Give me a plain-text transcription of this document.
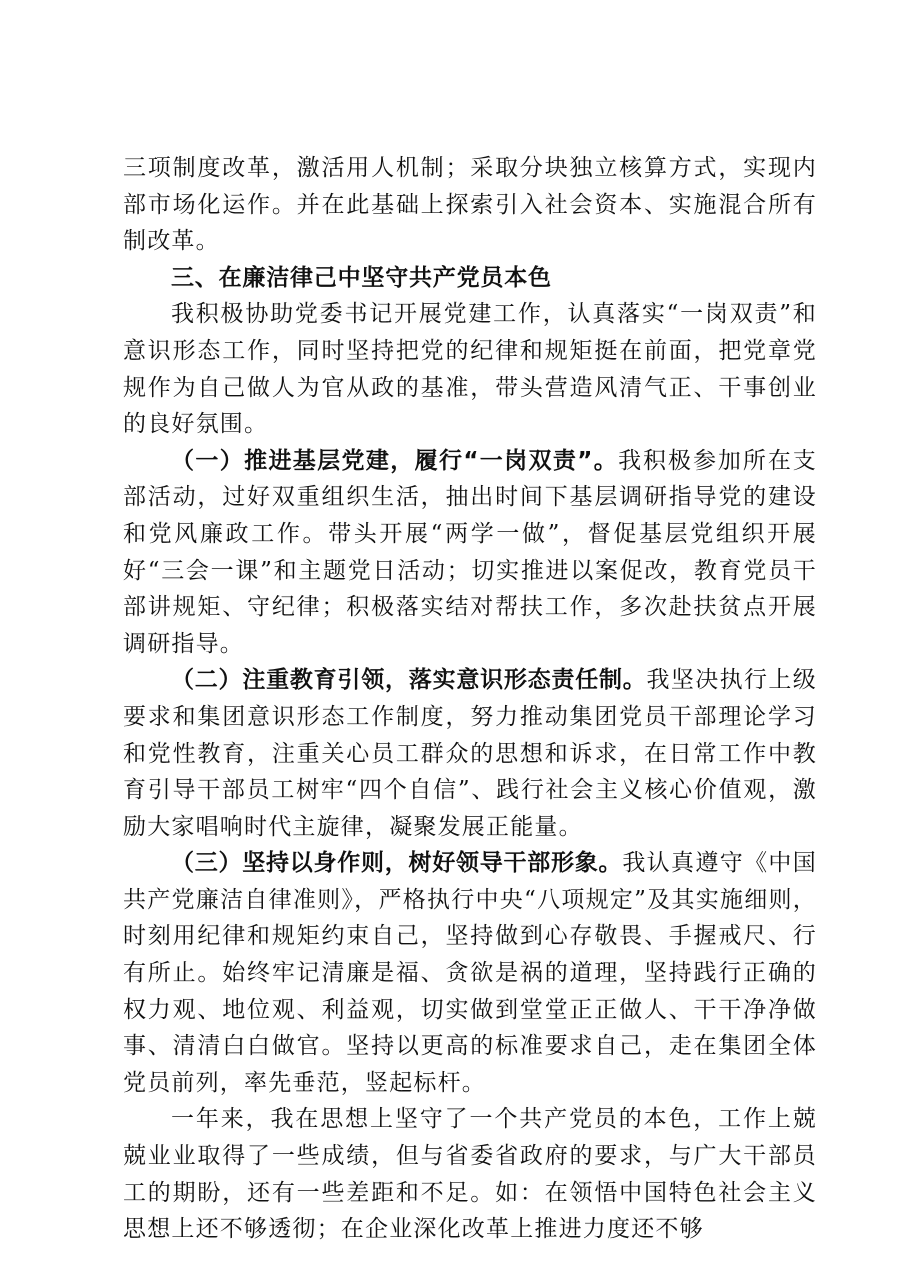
三项制度改革，激活用人机制；采取分块独立核算方式，实现内部市场化运作。并在此基础上探索引入社会资本、实施混合所有制改革。

三、在廉洁律己中坚守共产党员本色

我积极协助党委书记开展党建工作，认真落实“一岗双责”和意识形态工作，同时坚持把党的纪律和规矩挺在前面，把党章党规作为自己做人为官从政的基准，带头营造风清气正、干事创业的良好氛围。

（一）推进基层党建，履行“一岗双责”。我积极参加所在支部活动，过好双重组织生活，抽出时间下基层调研指导党的建设和党风廉政工作。带头开展“两学一做”，督促基层党组织开展好“三会一课”和主题党日活动；切实推进以案促改，教育党员干部讲规矩、守纪律；积极落实结对帮扶工作，多次赴扶贫点开展调研指导。

（二）注重教育引领，落实意识形态责任制。我坚决执行上级要求和集团意识形态工作制度，努力推动集团党员干部理论学习和党性教育，注重关心员工群众的思想和诉求，在日常工作中教育引导干部员工树牢“四个自信”、践行社会主义核心价值观，激励大家唱响时代主旋律，凝聚发展正能量。

（三）坚持以身作则，树好领导干部形象。我认真遵守《中国共产党廉洁自律准则》，严格执行中央“八项规定”及其实施细则，时刻用纪律和规矩约束自己，坚持做到心存敬畏、手握戒尺、行有所止。始终牢记清廉是福、贪欲是祸的道理，坚持践行正确的权力观、地位观、利益观，切实做到堂堂正正做人、干干净净做事、清清白白做官。坚持以更高的标准要求自己，走在集团全体党员前列，率先垂范，竖起标杆。

一年来，我在思想上坚守了一个共产党员的本色，工作上兢兢业业取得了一些成绩，但与省委省政府的要求，与广大干部员工的期盼，还有一些差距和不足。如：在领悟中国特色社会主义思想上还不够透彻；在企业深化改革上推进力度还不够
